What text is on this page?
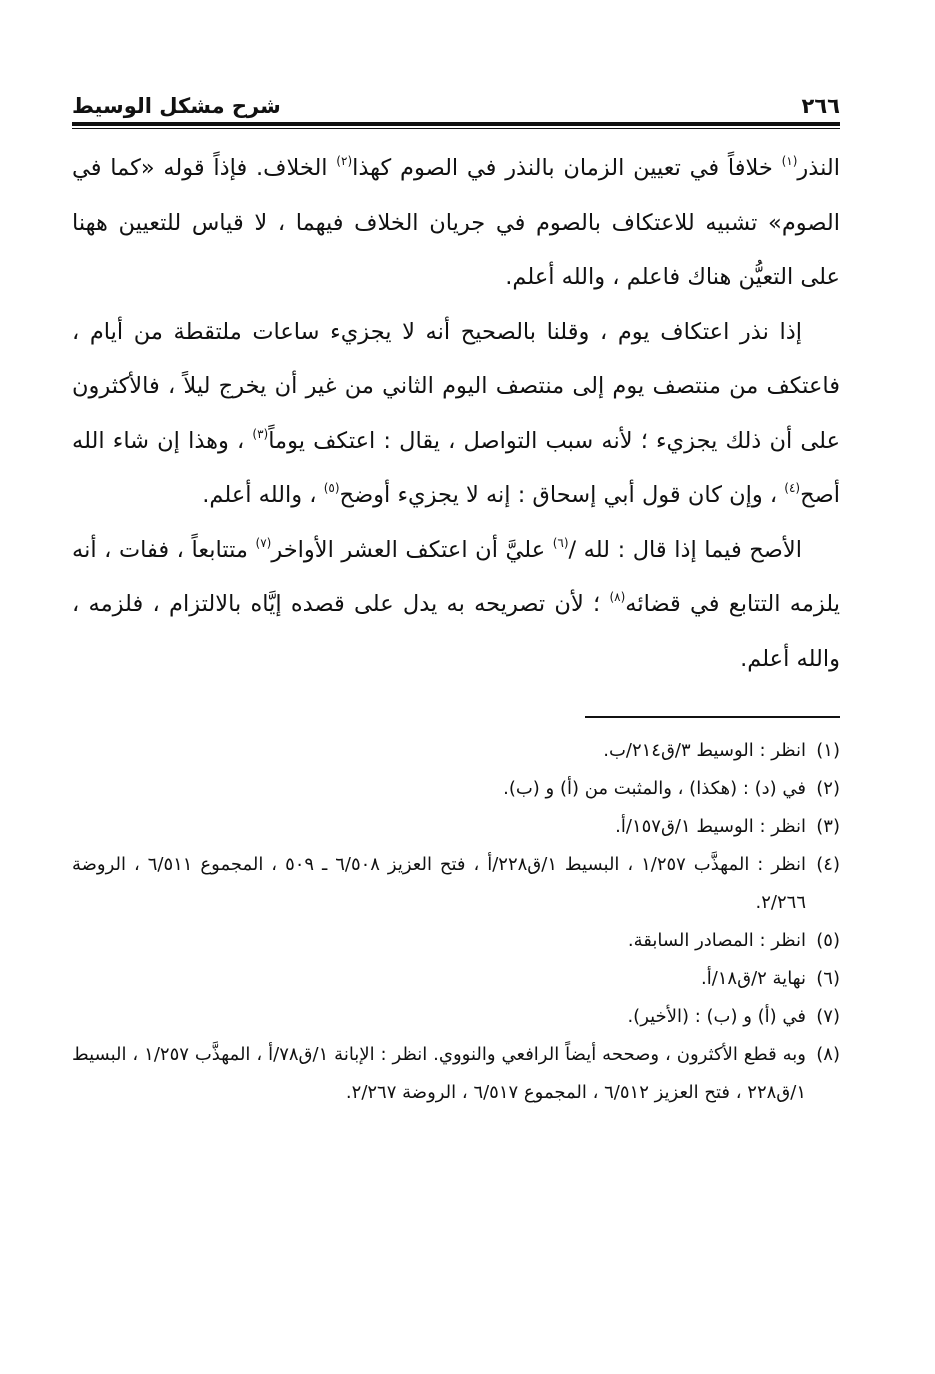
٢٦٦
شرح مشكل الوسيط

النذر$^{(١)}$ خلافاً في تعيين الزمان بالنذر في الصوم كهذا$^{(٢)}$ الخلاف. فإذاً قوله «كما في الصوم» تشبيه للاعتكاف بالصوم في جريان الخلاف فيهما ، لا قياس للتعيين ههنا على التعيُّن هناك فاعلم ، والله أعلم.

إذا نذر اعتكاف يوم ، وقلنا بالصحيح أنه لا يجزيء ساعات ملتقطة من أيام ، فاعتكف من منتصف يوم إلى منتصف اليوم الثاني من غير أن يخرج ليلاً ، فالأكثرون على أن ذلك يجزيء ؛ لأنه سبب التواصل ، يقال : اعتكف يوماً$^{(٣)}$ ، وهذا إن شاء الله أصح$^{(٤)}$ ، وإن كان قول أبي إسحاق : إنه لا يجزيء أوضح$^{(٥)}$ ، والله أعلم.

الأصح فيما إذا قال : لله /$^{(٦)}$ عليَّ أن اعتكف العشر الأواخر$^{(٧)}$ متتابعاً ، ففات ، أنه يلزمه التتابع في قضائه$^{(٨)}$ ؛ لأن تصريحه به يدل على قصده إيَّاه بالالتزام ، فلزمه ، والله أعلم.

(١)
انظر : الوسيط ٣/ق٢١٤/ب.
(٢)
في (د) : (هكذا) ، والمثبت من (أ) و (ب).
(٣)
انظر : الوسيط ١/ق١٥٧/أ.
(٤)
انظر : المهذَّب ١/٢٥٧ ، البسيط ١/ق٢٢٨/أ ، فتح العزيز ٦/٥٠٨ ـ ٥٠٩ ، المجموع ٦/٥١١ ، الروضة ٢/٢٦٦.
(٥)
انظر : المصادر السابقة.
(٦)
نهاية ٢/ق١٨/أ.
(٧)
في (أ) و (ب) : (الأخير).
(٨)
وبه قطع الأكثرون ، وصححه أيضاً الرافعي والنووي. انظر : الإبانة ١/ق٧٨/أ ، المهذَّب ١/٢٥٧ ، البسيط ١/ق٢٢٨ ، فتح العزيز ٦/٥١٢ ، المجموع ٦/٥١٧ ، الروضة ٢/٢٦٧.
